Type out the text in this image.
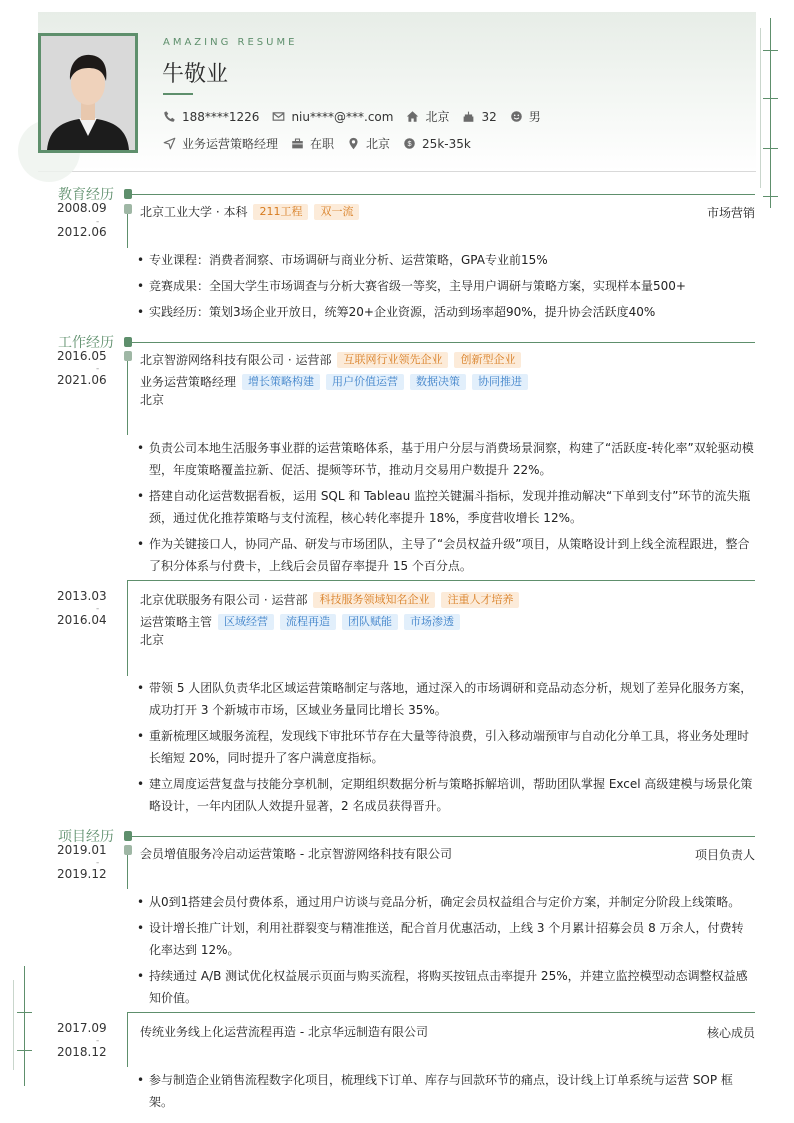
AMAZING RESUME
牛敬业
188****1226	niu****@***.com	北京	32	男
业务运营策略经理	在职	北京 $ 25k-35k
教育经历
2008.09
-
2012.06
北京工业大学 · 本科	211工程	双一流	市场营销
• 专业课程：消费者洞察、市场调研与商业分析、运营策略，GPA专业前15%
• 竞赛成果：全国大学生市场调查与分析大赛省级一等奖，主导用户调研与策略方案，实现样本量500+
• 实践经历：策划3场企业开放日，统筹20+企业资源，活动到场率超90%，提升协会活跃度40%
工作经历
2016.05
-
2021.06
北京智游网络科技有限公司 · 运营部	互联网行业领先企业	创新型企业
业务运营策略经理	增长策略构建	用户价值运营	数据决策	协同推进
北京
• 负责公司本地生活服务事业群的运营策略体系，基于用户分层与消费场景洞察，构建了“活跃度-转化率”双轮驱动模型，年度策略覆盖拉新、促活、提频等环节，推动月交易用户数提升 22%。
• 搭建自动化运营数据看板，运用 SQL 和 Tableau 监控关键漏斗指标，发现并推动解决“下单到支付”环节的流失瓶颈，通过优化推荐策略与支付流程，核心转化率提升 18%，季度营收增长 12%。
• 作为关键接口人，协同产品、研发与市场团队，主导了“会员权益升级”项目，从策略设计到上线全流程跟进，整合了积分体系与付费卡，上线后会员留存率提升 15 个百分点。
2013.03
-
2016.04
北京优联服务有限公司 · 运营部	科技服务领域知名企业	注重人才培养
运营策略主管	区域经营	流程再造	团队赋能	市场渗透
北京
• 带领 5 人团队负责华北区域运营策略制定与落地，通过深入的市场调研和竞品动态分析，规划了差异化服务方案，成功打开 3 个新城市市场，区域业务量同比增长 35%。
• 重新梳理区域服务流程，发现线下审批环节存在大量等待浪费，引入移动端预审与自动化分单工具，将业务处理时长缩短 20%，同时提升了客户满意度指标。
• 建立周度运营复盘与技能分享机制，定期组织数据分析与策略拆解培训，帮助团队掌握 Excel 高级建模与场景化策略设计，一年内团队人效提升显著，2 名成员获得晋升。
项目经历
2019.01
-
2019.12
会员增值服务冷启动运营策略 - 北京智游网络科技有限公司	项目负责人
• 从0到1搭建会员付费体系，通过用户访谈与竞品分析，确定会员权益组合与定价方案，并制定分阶段上线策略。
• 设计增长推广计划，利用社群裂变与精准推送，配合首月优惠活动，上线 3 个月累计招募会员 8 万余人，付费转化率达到 12%。
• 持续通过 A/B 测试优化权益展示页面与购买流程，将购买按钮点击率提升 25%，并建立监控模型动态调整权益感知价值。
2017.09
-
2018.12
传统业务线上化运营流程再造 - 北京华远制造有限公司	核心成员
• 参与制造企业销售流程数字化项目，梳理线下订单、库存与回款环节的痛点，设计线上订单系统与运营 SOP 框架。
